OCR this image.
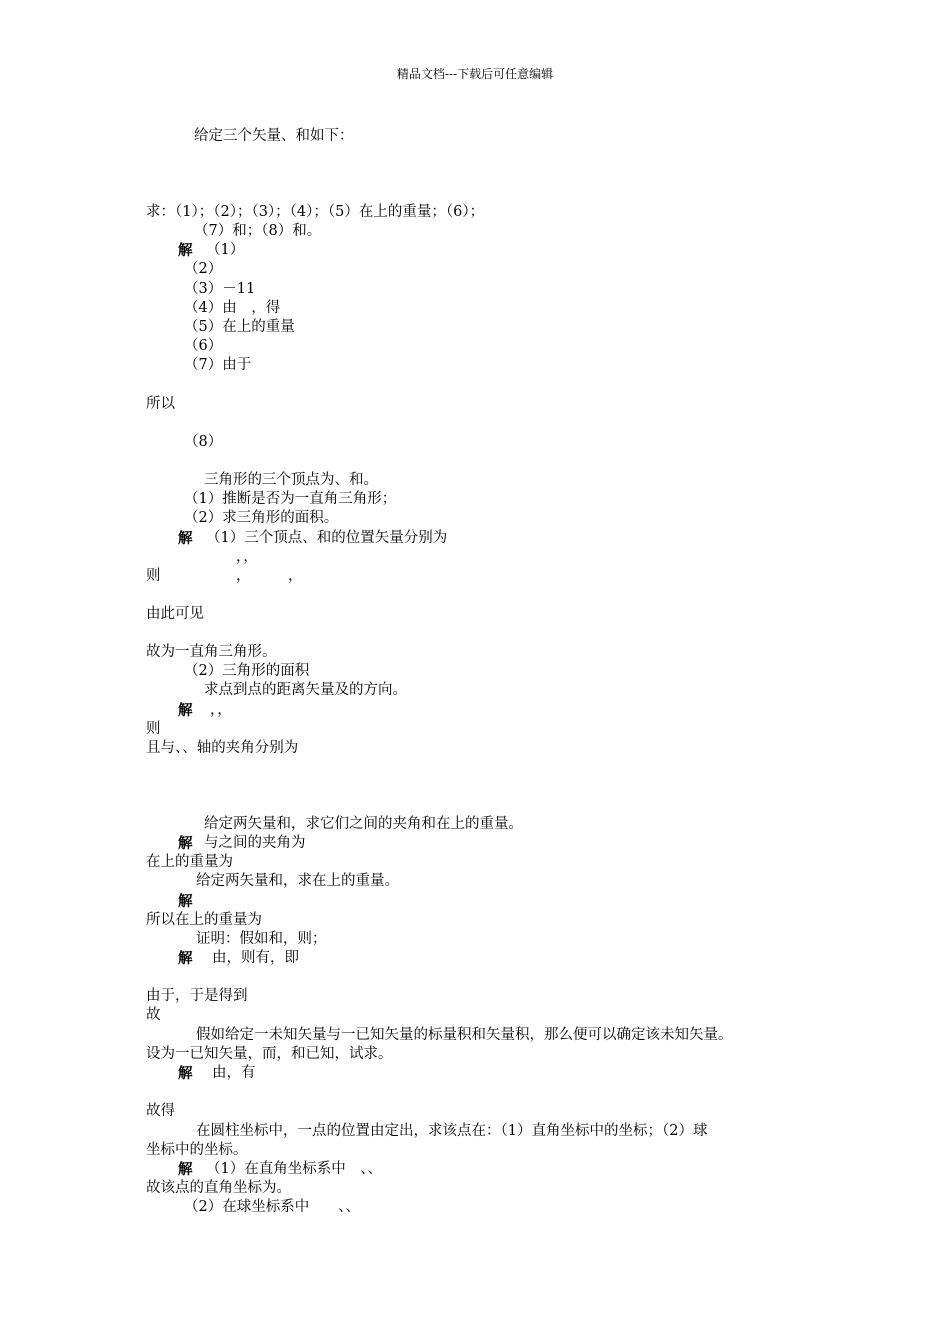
精品文档---下载后可任意编辑
给定三个矢量、和如下：
求：（1）；（2）；（3）；（4）；（5）在上的重量；（6）；
（7）和；（8）和。
解 （1）
（2）
（3）－11
（4）由　，得
（5）在上的重量
（6）
（7）由于
所以
（8）
三角形的三个顶点为、和。
（1）推断是否为一直角三角形；
（2）求三角形的面积。
解 （1）三个顶点、和的位置矢量分别为
，，
则	，	，
由此可见
故为一直角三角形。
（2）三角形的面积
求点到点的距离矢量及的方向。
解 ，，
则
且与、、轴的夹角分别为
给定两矢量和，求它们之间的夹角和在上的重量。
解 与之间的夹角为
在上的重量为
给定两矢量和，求在上的重量。
解
所以在上的重量为
证明：假如和，则；
解 由，则有，即
由于，于是得到
故
假如给定一未知矢量与一已知矢量的标量积和矢量积，那么便可以确定该未知矢量。
设为一已知矢量，而，和已知，试求。
解 由，有
故得
在圆柱坐标中，一点的位置由定出，求该点在：（1）直角坐标中的坐标；（2）球
坐标中的坐标。
解 （1）在直角坐标系中　、、
故该点的直角坐标为。
（2）在球坐标系中　　、、
